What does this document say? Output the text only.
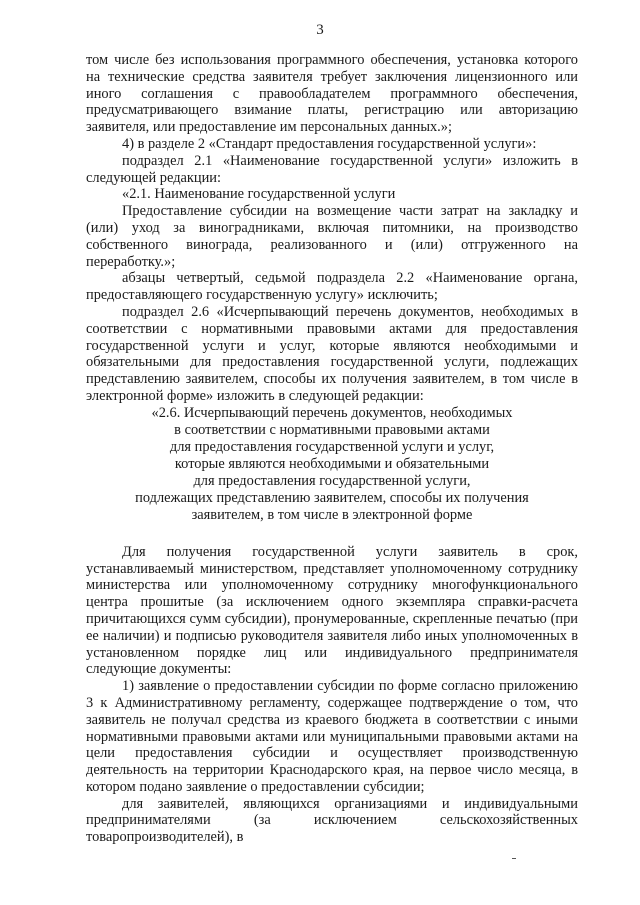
3

том числе без использования программного обеспечения, установка которого на технические средства заявителя требует заключения лицензионного или иного соглашения с правообладателем программного обеспечения, предусматривающего взимание платы, регистрацию или авторизацию заявителя, или предоставление им персональных данных.»;

4) в разделе 2 «Стандарт предоставления государственной услуги»:

подраздел 2.1 «Наименование государственной услуги» изложить в следующей редакции:

«2.1. Наименование государственной услуги

Предоставление субсидии на возмещение части затрат на закладку и (или) уход за виноградниками, включая питомники, на производство собственного винограда, реализованного и (или) отгруженного на переработку.»;

абзацы четвертый, седьмой подраздела 2.2 «Наименование органа, предоставляющего государственную услугу» исключить;

подраздел 2.6 «Исчерпывающий перечень документов, необходимых в соответствии с нормативными правовыми актами для предоставления государственной услуги и услуг, которые являются необходимыми и обязательными для предоставления государственной услуги, подлежащих представлению заявителем, способы их получения заявителем, в том числе в электронной форме» изложить в следующей редакции:

«2.6. Исчерпывающий перечень документов, необходимых
в соответствии с нормативными правовыми актами
для предоставления государственной услуги и услуг,
которые являются необходимыми и обязательными
для предоставления государственной услуги,
подлежащих представлению заявителем, способы их получения
заявителем, в том числе в электронной форме

Для получения государственной услуги заявитель в срок, устанавливаемый министерством, представляет уполномоченному сотруднику министерства или уполномоченному сотруднику многофункционального центра прошитые (за исключением одного экземпляра справки-расчета причитающихся сумм субсидии), пронумерованные, скрепленные печатью (при ее наличии) и подписью руководителя заявителя либо иных уполномоченных в установленном порядке лиц или индивидуального предпринимателя следующие документы:

1) заявление о предоставлении субсидии по форме согласно приложению 3 к Административному регламенту, содержащее подтверждение о том, что заявитель не получал средства из краевого бюджета в соответствии с иными нормативными правовыми актами или муниципальными правовыми актами на цели предоставления субсидии и осуществляет производственную деятельность на территории Краснодарского края, на первое число месяца, в котором подано заявление о предоставлении субсидии;

для заявителей, являющихся организациями и индивидуальными предпринимателями (за исключением сельскохозяйственных товаропроизводителей), в
